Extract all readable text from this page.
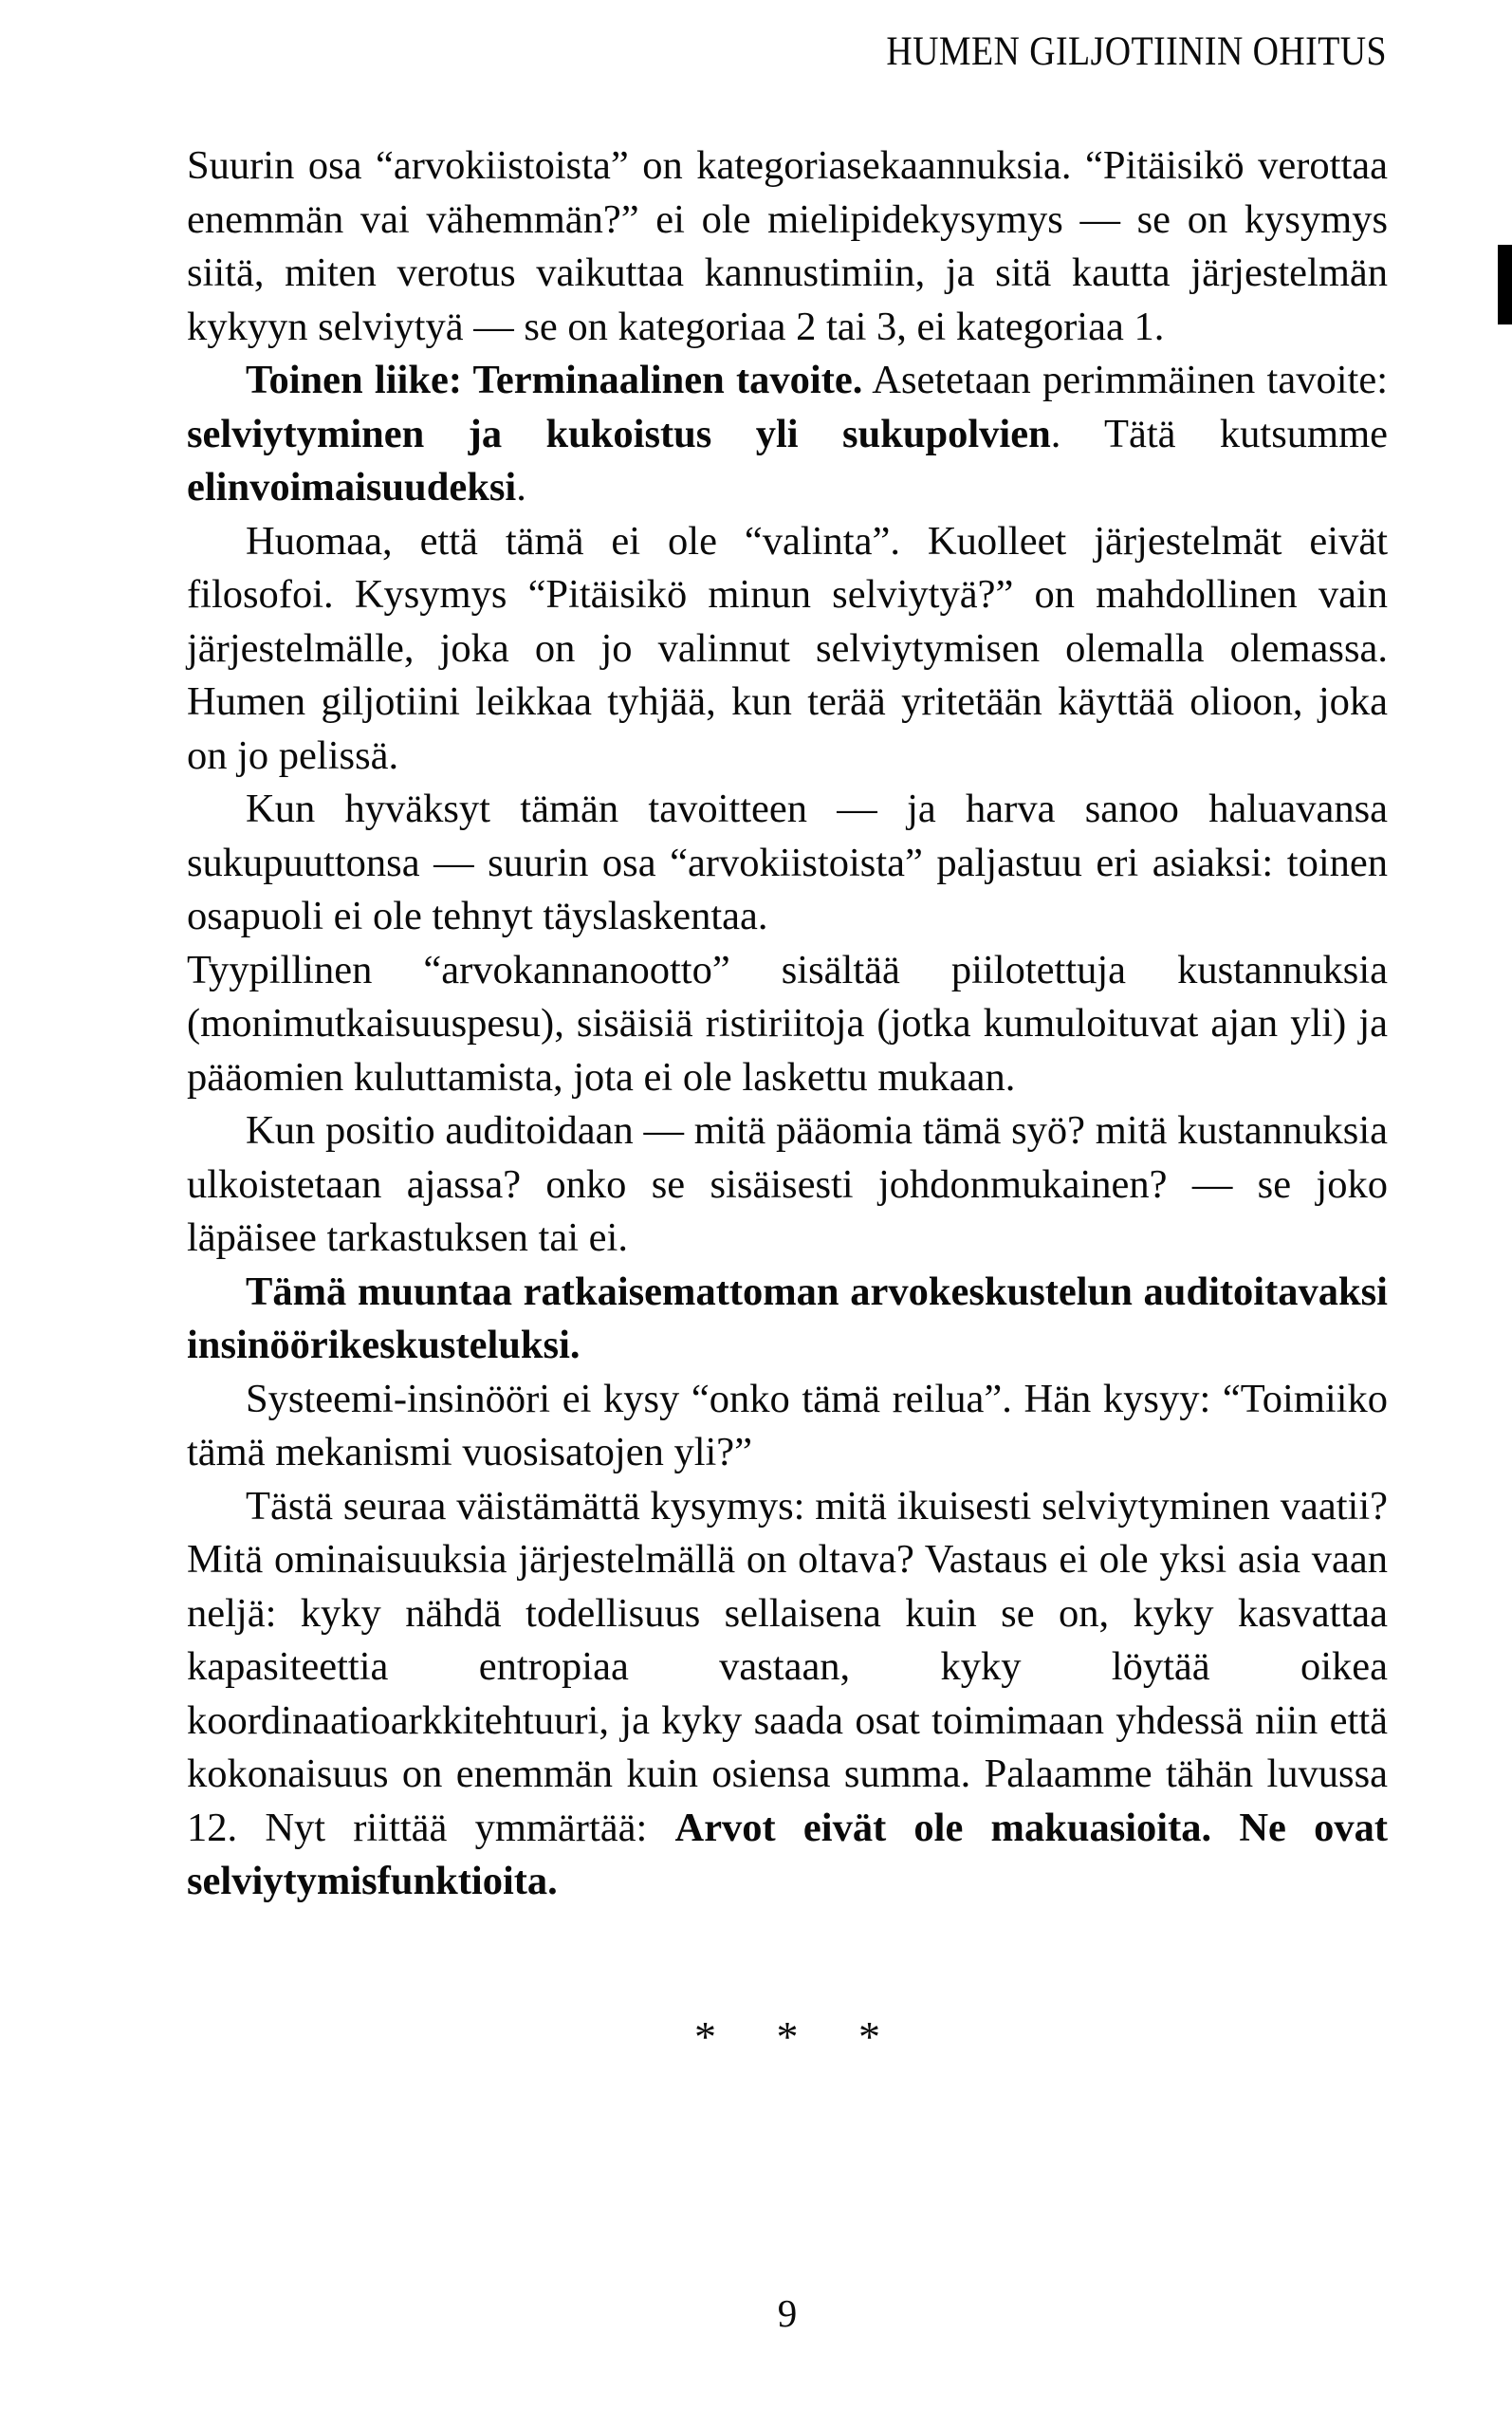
HUMEN GILJOTIININ OHITUS

Suurin osa “arvokiistoista” on kategoriasekaannuksia. “Pitäisikö verottaa enemmän vai vähemmän?” ei ole mielipidekysymys — se on kysymys siitä, miten verotus vaikuttaa kannustimiin, ja sitä kautta järjestelmän kykyyn selviytyä — se on kategoriaa 2 tai 3, ei kategoriaa 1.

Toinen liike: Terminaalinen tavoite. Asetetaan perimmäinen tavoite: selviytyminen ja kukoistus yli sukupolvien. Tätä kutsumme elinvoimaisuudeksi.

Huomaa, että tämä ei ole “valinta”. Kuolleet järjestelmät eivät filosofoi. Kysymys “Pitäisikö minun selviytyä?” on mahdollinen vain järjestelmälle, joka on jo valinnut selviytymisen olemalla olemassa. Humen giljotiini leikkaa tyhjää, kun terää yritetään käyttää olioon, joka on jo pelissä.

Kun hyväksyt tämän tavoitteen — ja harva sanoo haluavansa sukupuuttonsa — suurin osa “arvokiistoista” paljastuu eri asiaksi: toinen osapuoli ei ole tehnyt täyslaskentaa.

Tyypillinen “arvokannanootto” sisältää piilotettuja kustannuksia (monimutkaisuuspesu), sisäisiä ristiriitoja (jotka kumuloituvat ajan yli) ja pääomien kuluttamista, jota ei ole laskettu mukaan.

Kun positio auditoidaan — mitä pääomia tämä syö? mitä kustannuksia ulkoistetaan ajassa? onko se sisäisesti johdonmukainen? — se joko läpäisee tarkastuksen tai ei.

Tämä muuntaa ratkaisemattoman arvokeskustelun auditoitavaksi insinöörikeskusteluksi.

Systeemi-insinööri ei kysy “onko tämä reilua”. Hän kysyy: “Toimiiko tämä mekanismi vuosisatojen yli?”

Tästä seuraa väistämättä kysymys: mitä ikuisesti selviytyminen vaatii? Mitä ominaisuuksia järjestelmällä on oltava? Vastaus ei ole yksi asia vaan neljä: kyky nähdä todellisuus sellaisena kuin se on, kyky kasvattaa kapasiteettia entropiaa vastaan, kyky löytää oikea koordinaatioarkkitehtuuri, ja kyky saada osat toimimaan yhdessä niin että kokonaisuus on enemmän kuin osiensa summa. Palaamme tähän luvussa 12. Nyt riittää ymmärtää: Arvot eivät ole makuasioita. Ne ovat selviytymisfunktioita.

* * *
9
